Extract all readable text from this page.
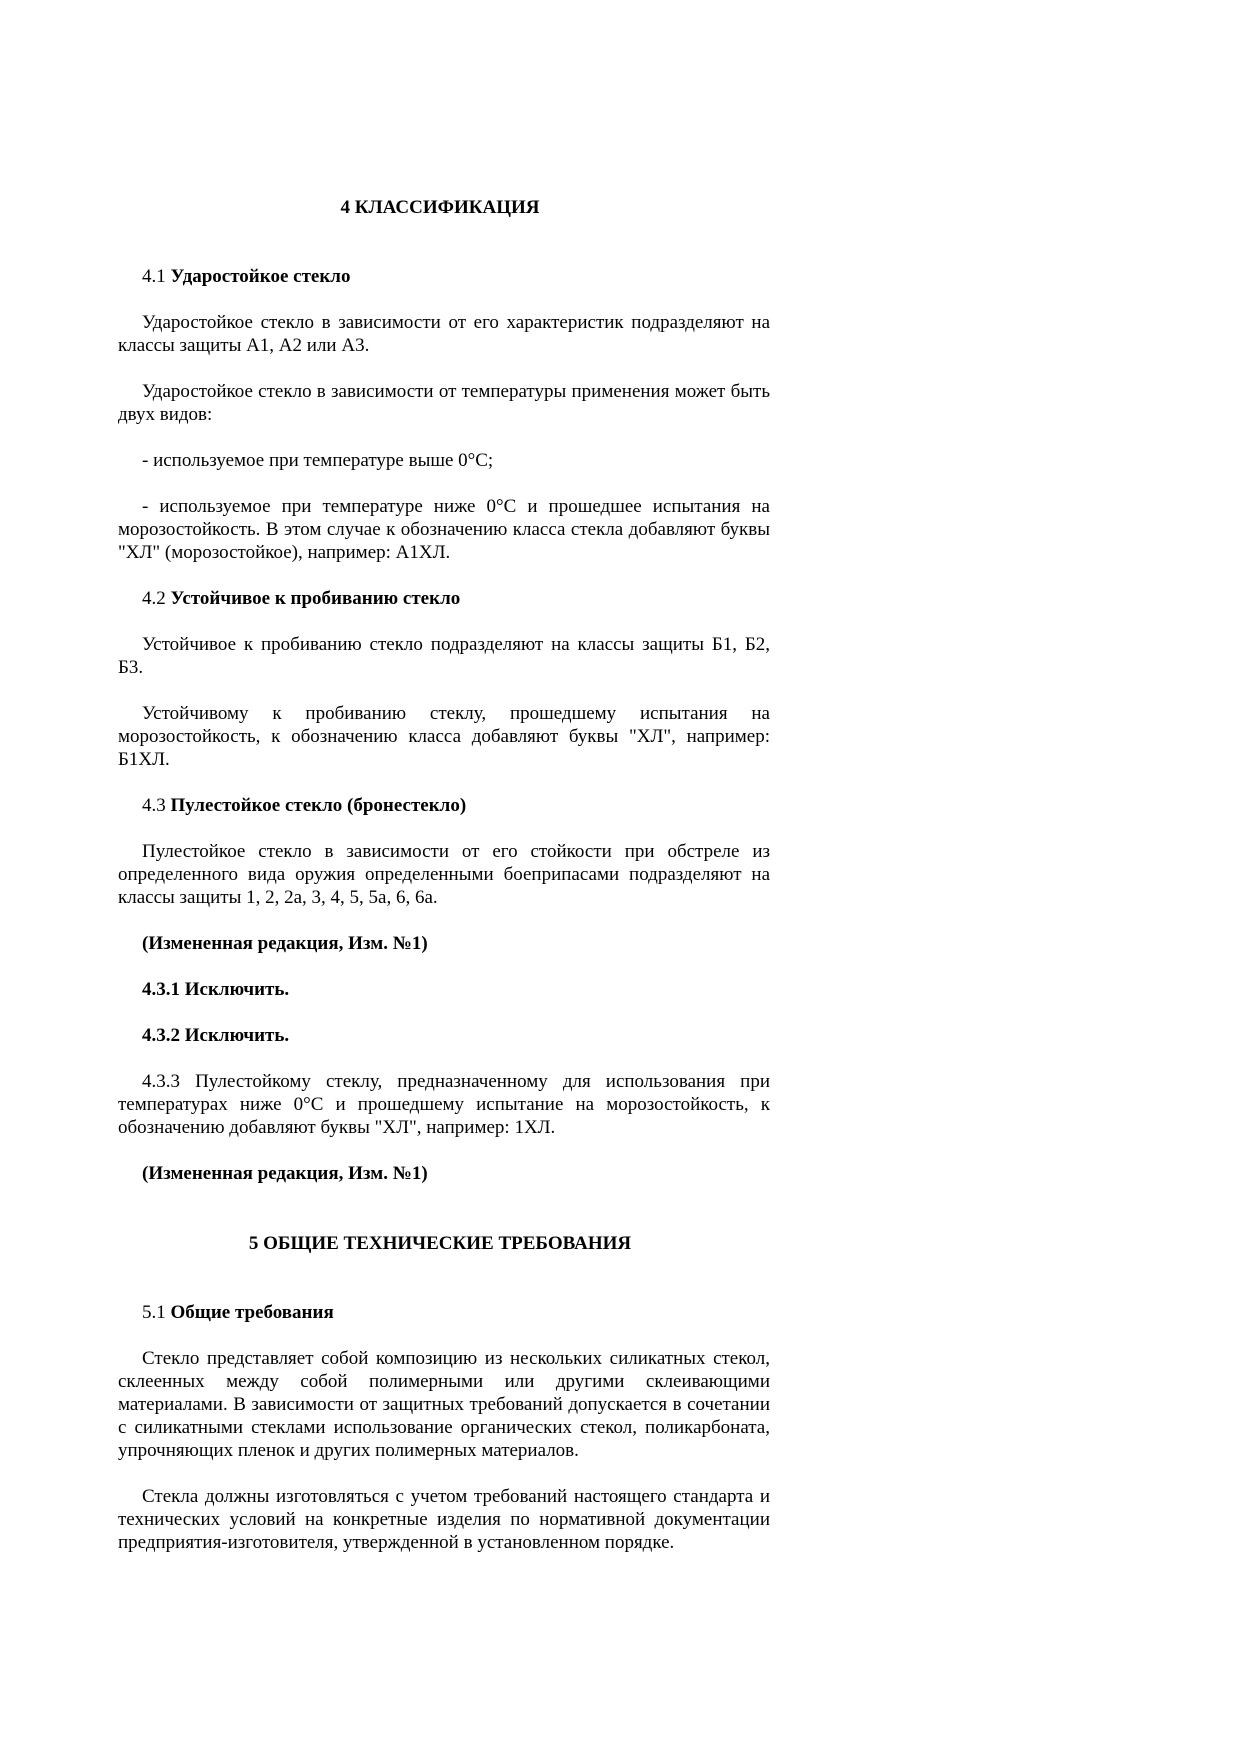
4 КЛАССИФИКАЦИЯ

4.1 Ударостойкое стекло

Ударостойкое стекло в зависимости от его характеристик подразделяют на классы защиты А1, А2 или А3.

Ударостойкое стекло в зависимости от температуры применения может быть двух видов:

- используемое при температуре выше 0°С;

- используемое при температуре ниже 0°С и прошедшее испытания на морозостойкость. В этом случае к обозначению класса стекла добавляют буквы "ХЛ" (морозостойкое), например: А1ХЛ.

4.2 Устойчивое к пробиванию стекло

Устойчивое к пробиванию стекло подразделяют на классы защиты Б1, Б2, Б3.

Устойчивому к пробиванию стеклу, прошедшему испытания на морозостойкость, к обозначению класса добавляют буквы "ХЛ", например: Б1ХЛ.

4.3 Пулестойкое стекло (бронестекло)

Пулестойкое стекло в зависимости от его стойкости при обстреле из определенного вида оружия определенными боеприпасами подразделяют на классы защиты 1, 2, 2а, 3, 4, 5, 5а, 6, 6а.

(Измененная редакция, Изм. №1)

4.3.1 Исключить.

4.3.2 Исключить.

4.3.3 Пулестойкому стеклу, предназначенному для использования при температурах ниже 0°С и прошедшему испытание на морозостойкость, к обозначению добавляют буквы "ХЛ", например: 1ХЛ.

(Измененная редакция, Изм. №1)

5 ОБЩИЕ ТЕХНИЧЕСКИЕ ТРЕБОВАНИЯ

5.1 Общие требования

Стекло представляет собой композицию из нескольких силикатных стекол, склеенных между собой полимерными или другими склеивающими материалами. В зависимости от защитных требований допускается в сочетании с силикатными стеклами использование органических стекол, поликарбоната, упрочняющих пленок и других полимерных материалов.

Стекла должны изготовляться с учетом требований настоящего стандарта и технических условий на конкретные изделия по нормативной документации предприятия-изготовителя, утвержденной в установленном порядке.
